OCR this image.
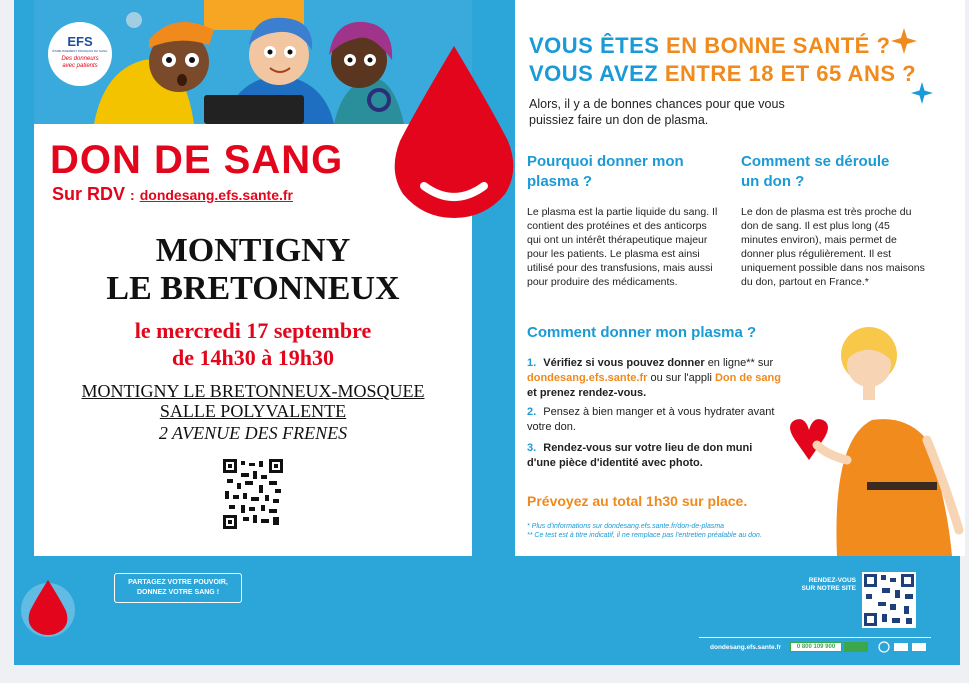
EFS
ÉTABLISSEMENT FRANÇAIS DU SANG
Des donneurs avec patients
DON DE SANG
Sur RDV : dondesang.efs.sante.fr
MONTIGNY
LE BRETONNEUX
le mercredi 17 septembre
de 14h30 à 19h30
MONTIGNY LE BRETONNEUX-MOSQUEE
SALLE POLYVALENTE
2 AVENUE DES FRENES
VOUS ÊTES EN BONNE SANTÉ ?
VOUS AVEZ ENTRE 18 ET 65 ANS ?
Alors, il y a de bonnes chances pour que vous puissiez faire un don de plasma.
Pourquoi donner mon plasma ?
Le plasma est la partie liquide du sang. Il contient des protéines et des anticorps qui ont un intérêt thérapeutique majeur pour les patients. Le plasma est ainsi utilisé pour des transfusions, mais aussi pour produire des médicaments.
Comment se déroule un don ?
Le don de plasma est très proche du don de sang. Il est plus long (45 minutes environ), mais permet de donner plus régulièrement. Il est uniquement possible dans nos maisons du don, partout en France.*
Comment donner mon plasma ?
1. Vérifiez si vous pouvez donner en ligne** sur dondesang.efs.sante.fr ou sur l'appli Don de sang et prenez rendez-vous.
2. Pensez à bien manger et à vous hydrater avant votre don.
3. Rendez-vous sur votre lieu de don muni d'une pièce d'identité avec photo.
Prévoyez au total 1h30 sur place.
* Plus d'informations sur dondesang.efs.sante.fr/don-de-plasma
** Ce test est à titre indicatif, il ne remplace pas l'entretien préalable au don.
PARTAGEZ VOTRE POUVOIR,
DONNEZ VOTRE SANG !
RENDEZ-VOUS
SUR NOTRE SITE
dondesang.efs.sante.fr	0 800 109 900
